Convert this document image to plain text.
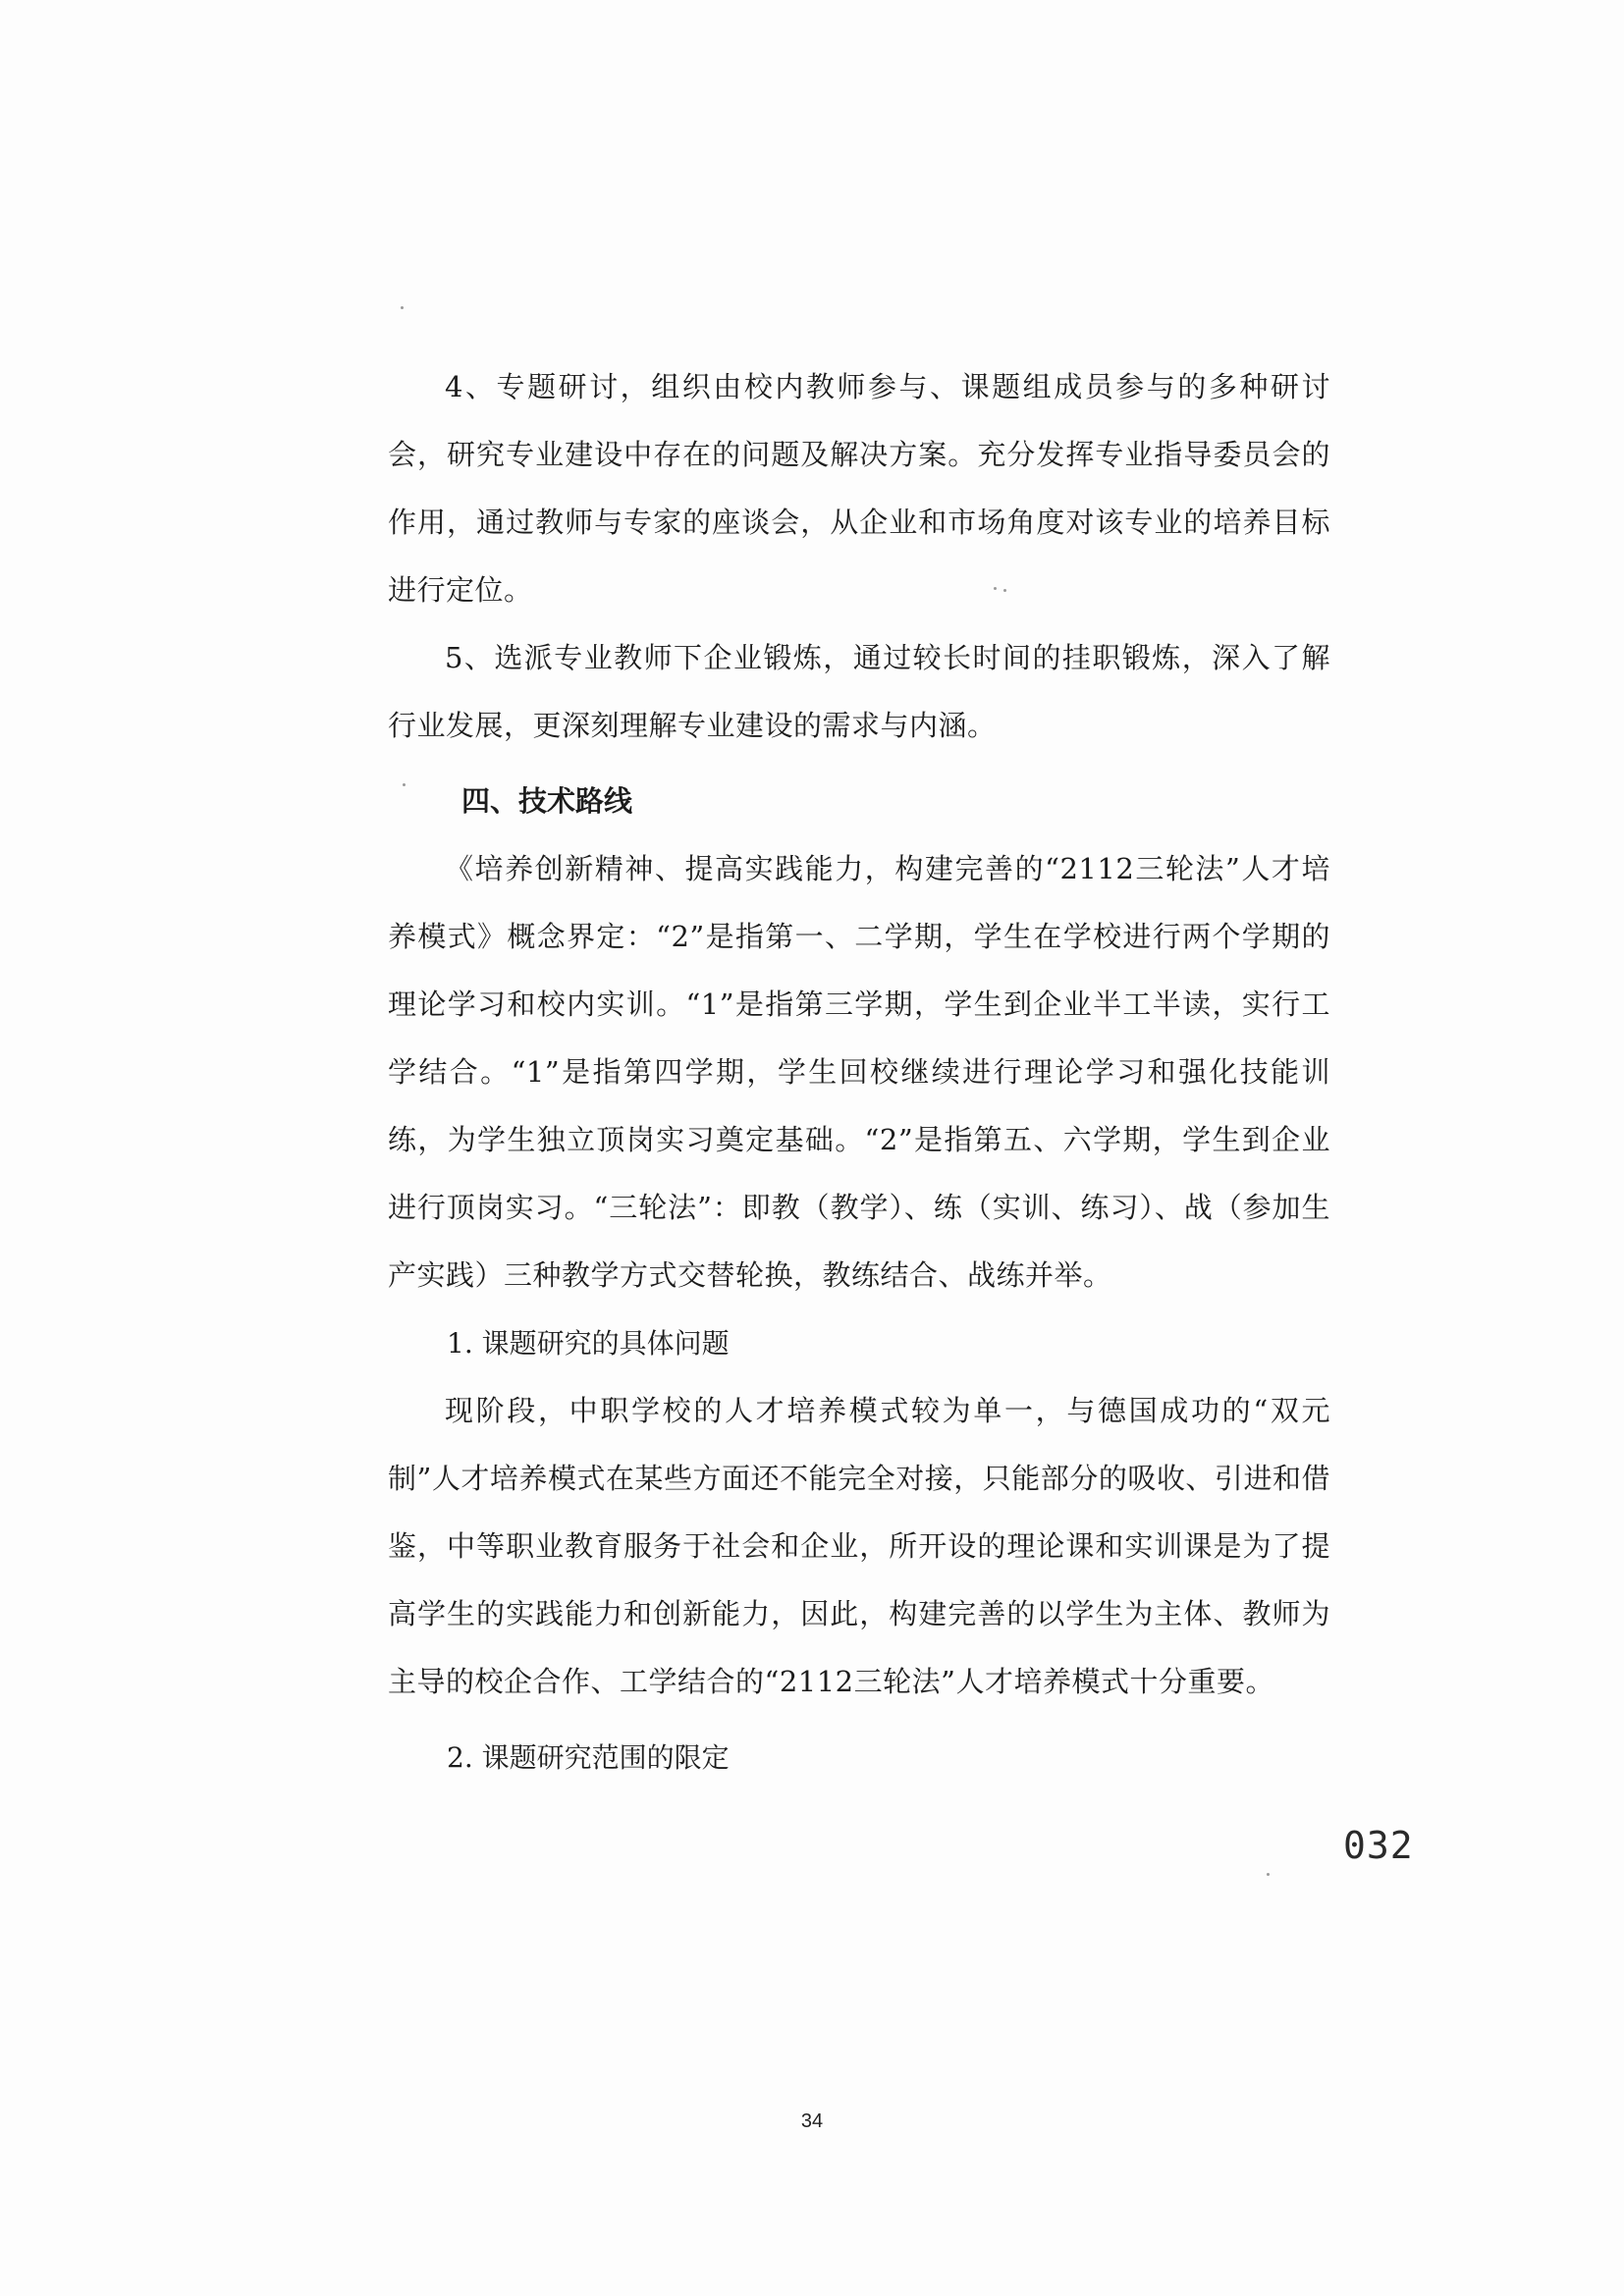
4、专题研讨，组织由校内教师参与、课题组成员参与的多种研讨会，研究专业建设中存在的问题及解决方案。充分发挥专业指导委员会的作用，通过教师与专家的座谈会，从企业和市场角度对该专业的培养目标进行定位。

5、选派专业教师下企业锻炼，通过较长时间的挂职锻炼，深入了解行业发展，更深刻理解专业建设的需求与内涵。

四、技术路线

《培养创新精神、提高实践能力，构建完善的“2112三轮法”人才培养模式》概念界定：“2”是指第一、二学期，学生在学校进行两个学期的理论学习和校内实训。“1”是指第三学期，学生到企业半工半读，实行工学结合。“1”是指第四学期，学生回校继续进行理论学习和强化技能训练，为学生独立顶岗实习奠定基础。“2”是指第五、六学期，学生到企业进行顶岗实习。“三轮法”：即教（教学）、练（实训、练习）、战（参加生产实践）三种教学方式交替轮换，教练结合、战练并举。

1. 课题研究的具体问题

现阶段，中职学校的人才培养模式较为单一，与德国成功的“双元制”人才培养模式在某些方面还不能完全对接，只能部分的吸收、引进和借鉴，中等职业教育服务于社会和企业，所开设的理论课和实训课是为了提高学生的实践能力和创新能力，因此，构建完善的以学生为主体、教师为主导的校企合作、工学结合的“2112三轮法”人才培养模式十分重要。

2. 课题研究范围的限定

032
34
